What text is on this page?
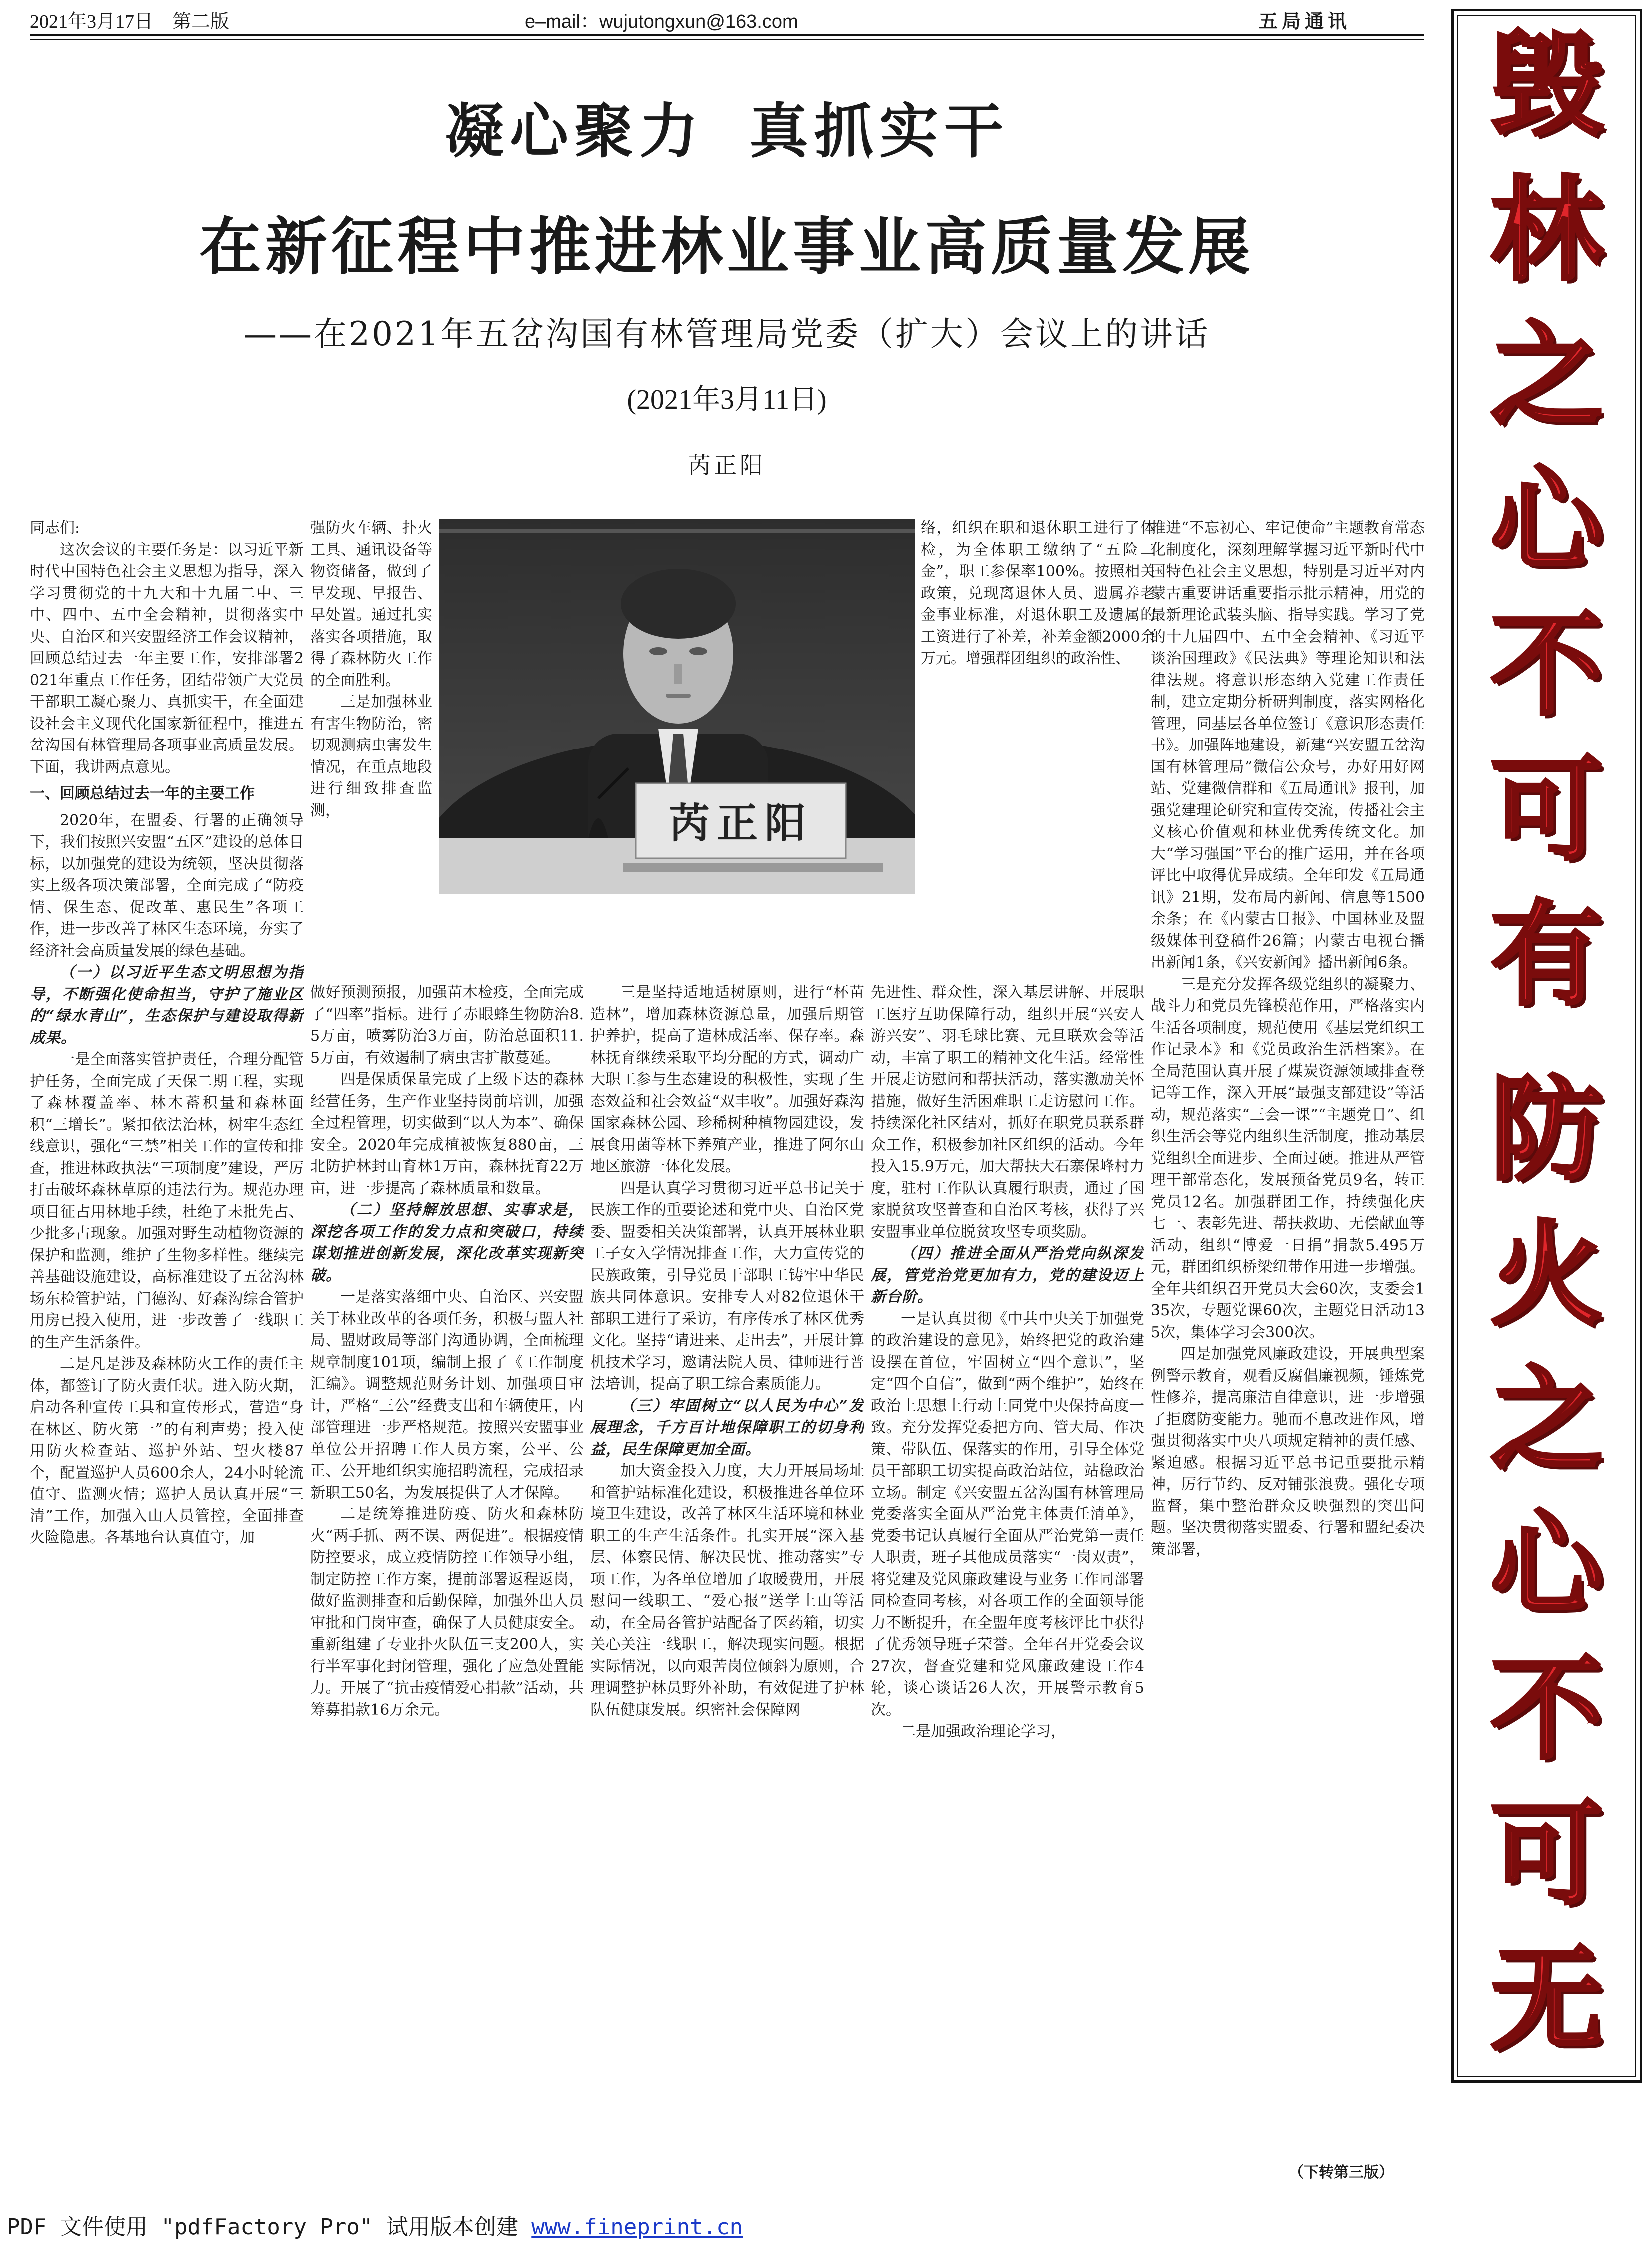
2021年3月17日　第二版	e–mail：wujutongxun@163.com	五局通讯
凝心聚力 真抓实干
在新征程中推进林业事业高质量发展
——在2021年五岔沟国有林管理局党委（扩大）会议上的讲话
(2021年3月11日)
芮正阳
芮正阳

同志们:

这次会议的主要任务是：以习近平新时代中国特色社会主义思想为指导，深入学习贯彻党的十九大和十九届二中、三中、四中、五中全会精神，贯彻落实中央、自治区和兴安盟经济工作会议精神，回顾总结过去一年主要工作，安排部署2021年重点工作任务，团结带领广大党员干部职工凝心聚力、真抓实干，在全面建设社会主义现代化国家新征程中，推进五岔沟国有林管理局各项事业高质量发展。下面，我讲两点意见。

一、回顾总结过去一年的主要工作

2020年，在盟委、行署的正确领导下，我们按照兴安盟“五区”建设的总体目标，以加强党的建设为统领，坚决贯彻落实上级各项决策部署，全面完成了“防疫情、保生态、促改革、惠民生”各项工作，进一步改善了林区生态环境，夯实了经济社会高质量发展的绿色基础。

（一）以习近平生态文明思想为指导，不断强化使命担当，守护了施业区的“绿水青山”，生态保护与建设取得新成果。

一是全面落实管护责任，合理分配管护任务，全面完成了天保二期工程，实现了森林覆盖率、林木蓄积量和森林面积“三增长”。紧扣依法治林，树牢生态红线意识，强化“三禁”相关工作的宣传和排查，推进林政执法“三项制度”建设，严厉打击破坏森林草原的违法行为。规范办理项目征占用林地手续，杜绝了未批先占、少批多占现象。加强对野生动植物资源的保护和监测，维护了生物多样性。继续完善基础设施建设，高标准建设了五岔沟林场东检管护站，门德沟、好森沟综合管护用房已投入使用，进一步改善了一线职工的生产生活条件。

二是凡是涉及森林防火工作的责任主体，都签订了防火责任状。进入防火期，启动各种宣传工具和宣传形式，营造“身在林区、防火第一”的有利声势；投入使用防火检查站、巡护外站、望火楼87个，配置巡护人员600余人，24小时轮流值守、监测火情；巡护人员认真开展“三清”工作，加强入山人员管控，全面排查火险隐患。各基地台认真值守，加

强防火车辆、扑火工具、通讯设备等物资储备，做到了早发现、早报告、早处置。通过扎实落实各项措施，取得了森林防火工作的全面胜利。

三是加强林业有害生物防治，密切观测病虫害发生情况，在重点地段进行细致排查监测，

做好预测预报，加强苗木检疫，全面完成了“四率”指标。进行了赤眼蜂生物防治8.5万亩，喷雾防治3万亩，防治总面积11.5万亩，有效遏制了病虫害扩散蔓延。

四是保质保量完成了上级下达的森林经营任务，生产作业坚持岗前培训，加强全过程管理，切实做到“以人为本”、确保安全。2020年完成植被恢复880亩，三北防护林封山育林1万亩，森林抚育22万亩，进一步提高了森林质量和数量。

（二）坚持解放思想、实事求是，深挖各项工作的发力点和突破口，持续谋划推进创新发展，深化改革实现新突破。

一是落实落细中央、自治区、兴安盟关于林业改革的各项任务，积极与盟人社局、盟财政局等部门沟通协调，全面梳理规章制度101项，编制上报了《工作制度汇编》。调整规范财务计划、加强项目审计，严格“三公”经费支出和车辆使用，内部管理进一步严格规范。按照兴安盟事业单位公开招聘工作人员方案，公平、公正、公开地组织实施招聘流程，完成招录新职工50名，为发展提供了人才保障。

二是统筹推进防疫、防火和森林防火“两手抓、两不误、两促进”。根据疫情防控要求，成立疫情防控工作领导小组，制定防控工作方案，提前部署返程返岗，做好监测排查和后勤保障，加强外出人员审批和门岗审查，确保了人员健康安全。重新组建了专业扑火队伍三支200人，实行半军事化封闭管理，强化了应急处置能力。开展了“抗击疫情爱心捐款”活动，共筹募捐款16万余元。

三是坚持适地适树原则，进行“杯苗造林”，增加森林资源总量，加强后期管护养护，提高了造林成活率、保存率。森林抚育继续采取平均分配的方式，调动广大职工参与生态建设的积极性，实现了生态效益和社会效益“双丰收”。加强好森沟国家森林公园、珍稀树种植物园建设，发展食用菌等林下养殖产业，推进了阿尔山地区旅游一体化发展。

四是认真学习贯彻习近平总书记关于民族工作的重要论述和党中央、自治区党委、盟委相关决策部署，认真开展林业职工子女入学情况排查工作，大力宣传党的民族政策，引导党员干部职工铸牢中华民族共同体意识。安排专人对82位退休干部职工进行了采访，有序传承了林区优秀文化。坚持“请进来、走出去”，开展计算机技术学习，邀请法院人员、律师进行普法培训，提高了职工综合素质能力。

（三）牢固树立“以人民为中心”发展理念，千方百计地保障职工的切身利益，民生保障更加全面。

加大资金投入力度，大力开展局场址和管护站标准化建设，积极推进各单位环境卫生建设，改善了林区生活环境和林业职工的生产生活条件。扎实开展“深入基层、体察民情、解决民忧、推动落实”专项工作，为各单位增加了取暖费用，开展慰问一线职工、“爱心报”送学上山等活动，在全局各管护站配备了医药箱，切实关心关注一线职工，解决现实问题。根据实际情况，以向艰苦岗位倾斜为原则，合理调整护林员野外补助，有效促进了护林队伍健康发展。织密社会保障网

络，组织在职和退休职工进行了体检，为全体职工缴纳了“五险二金”，职工参保率100%。按照相关政策，兑现离退休人员、遗属养老金事业标准，对退休职工及遗属的工资进行了补差，补差金额2000余万元。增强群团组织的政治性、

先进性、群众性，深入基层讲解、开展职工医疗互助保障行动，组织开展“兴安人游兴安”、羽毛球比赛、元旦联欢会等活动，丰富了职工的精神文化生活。经常性开展走访慰问和帮扶活动，落实激励关怀措施，做好生活困难职工走访慰问工作。持续深化社区结对，抓好在职党员联系群众工作，积极参加社区组织的活动。今年投入15.9万元，加大帮扶大石寨保峰村力度，驻村工作队认真履行职责，通过了国家脱贫攻坚普查和自治区考核，获得了兴安盟事业单位脱贫攻坚专项奖励。

（四）推进全面从严治党向纵深发展，管党治党更加有力，党的建设迈上新台阶。

一是认真贯彻《中共中央关于加强党的政治建设的意见》，始终把党的政治建设摆在首位，牢固树立“四个意识”，坚定“四个自信”，做到“两个维护”，始终在政治上思想上行动上同党中央保持高度一致。充分发挥党委把方向、管大局、作决策、带队伍、保落实的作用，引导全体党员干部职工切实提高政治站位，站稳政治立场。制定《兴安盟五岔沟国有林管理局党委落实全面从严治党主体责任清单》，党委书记认真履行全面从严治党第一责任人职责，班子其他成员落实“一岗双责”，将党建及党风廉政建设与业务工作同部署同检查同考核，对各项工作的全面领导能力不断提升，在全盟年度考核评比中获得了优秀领导班子荣誉。全年召开党委会议27次，督查党建和党风廉政建设工作4轮，谈心谈话26人次，开展警示教育5次。

二是加强政治理论学习，

推进“不忘初心、牢记使命”主题教育常态化制度化，深刻理解掌握习近平新时代中国特色社会主义思想，特别是习近平对内蒙古重要讲话重要指示批示精神，用党的最新理论武装头脑、指导实践。学习了党的十九届四中、五中全会精神、《习近平谈治国理政》《民法典》等理论知识和法律法规。将意识形态纳入党建工作责任制，建立定期分析研判制度，落实网格化管理，同基层各单位签订《意识形态责任书》。加强阵地建设，新建“兴安盟五岔沟国有林管理局”微信公众号，办好用好网站、党建微信群和《五局通讯》报刊，加强党建理论研究和宣传交流，传播社会主义核心价值观和林业优秀传统文化。加大“学习强国”平台的推广运用，并在各项评比中取得优异成绩。全年印发《五局通讯》21期，发布局内新闻、信息等1500余条；在《内蒙古日报》、中国林业及盟级媒体刊登稿件26篇；内蒙古电视台播出新闻1条，《兴安新闻》播出新闻6条。

三是充分发挥各级党组织的凝聚力、战斗力和党员先锋模范作用，严格落实内生活各项制度，规范使用《基层党组织工作记录本》和《党员政治生活档案》。在全局范围认真开展了煤炭资源领域排查登记等工作，深入开展“最强支部建设”等活动，规范落实“三会一课”“主题党日”、组织生活会等党内组织生活制度，推动基层党组织全面进步、全面过硬。推进从严管理干部常态化，发展预备党员9名，转正党员12名。加强群团工作，持续强化庆七一、表彰先进、帮扶救助、无偿献血等活动，组织“博爱一日捐”捐款5.495万元，群团组织桥梁纽带作用进一步增强。全年共组织召开党员大会60次，支委会135次，专题党课60次，主题党日活动135次，集体学习会300次。

四是加强党风廉政建设，开展典型案例警示教育，观看反腐倡廉视频，锤炼党性修养，提高廉洁自律意识，进一步增强了拒腐防变能力。驰而不息改进作风，增强贯彻落实中央八项规定精神的责任感、紧迫感。根据习近平总书记重要批示精神，厉行节约、反对铺张浪费。强化专项监督，集中整治群众反映强烈的突出问题。坚决贯彻落实盟委、行署和盟纪委决策部署，

（下转第三版）
毁
林
之
心
不
可
有
防
火
之
心
不
可
无
PDF 文件使用 "pdfFactory Pro" 试用版本创建 www.fineprint.cn
